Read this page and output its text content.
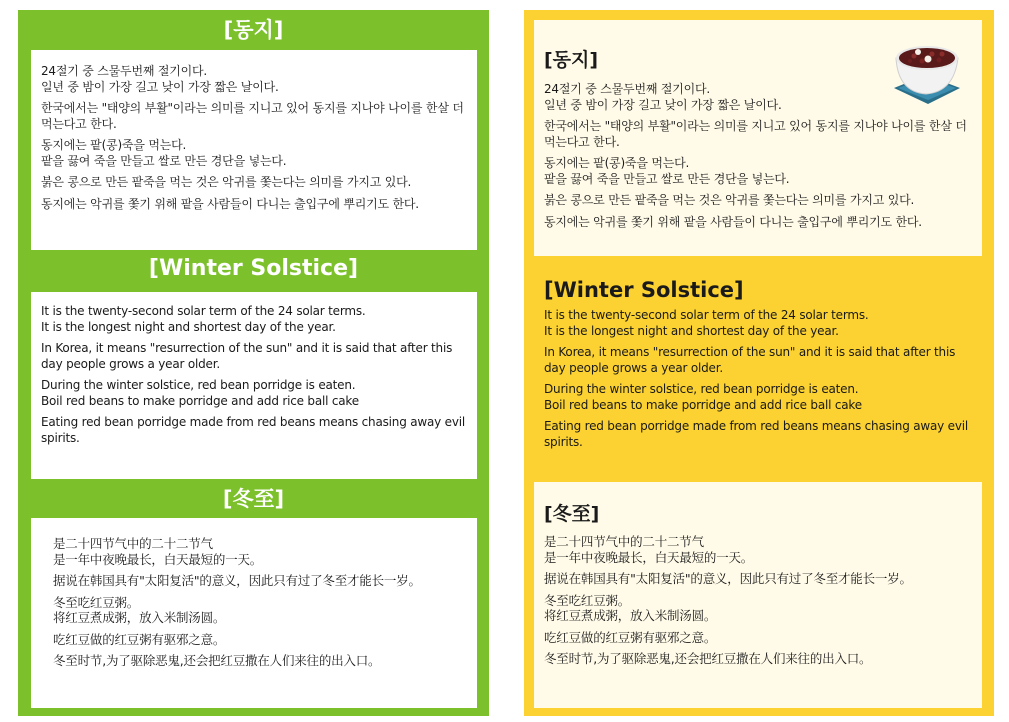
[동지]
24절기 중 스물두번째 절기이다.
일년 중 밤이 가장 길고 낮이 가장 짧은 날이다.
한국에서는 "태양의 부활"이라는 의미를 지니고 있어 동지를 지나야 나이를 한살 더 먹는다고 한다.
동지에는 팥(콩)죽을 먹는다.
팥을 끓여 죽을 만들고 쌀로 만든 경단을 넣는다.
붉은 콩으로 만든 팥죽을 먹는 것은 악귀를 쫓는다는 의미를 가지고 있다.
동지에는 악귀를 쫓기 위해 팥을 사람들이 다니는 출입구에 뿌리기도 한다.
[Winter Solstice]
It is the twenty-second solar term of the 24 solar terms.
It is the longest night and shortest day of the year.
In Korea, it means "resurrection of the sun" and it is said that after this day people grows a year older.
During the winter solstice, red bean porridge is eaten.
Boil red beans to make porridge and add rice ball cake
Eating red bean porridge made from red beans means chasing away evil spirits.
[冬至]
是二十四节气中的二十二节气
是一年中夜晚最长，白天最短的一天。
据说在韩国具有"太阳复活"的意义，因此只有过了冬至才能长一岁。
冬至吃红豆粥。
将红豆煮成粥，放入米制汤圆。
吃红豆做的红豆粥有驱邪之意。
冬至时节,为了驱除恶鬼,还会把红豆撒在人们来往的出入口。
[동지]
24절기 중 스물두번째 절기이다.
일년 중 밤이 가장 길고 낮이 가장 짧은 날이다.
한국에서는 "태양의 부활"이라는 의미를 지니고 있어 동지를 지나야 나이를 한살 더 먹는다고 한다.
동지에는 팥(콩)죽을 먹는다.
팥을 끓여 죽을 만들고 쌀로 만든 경단을 넣는다.
붉은 콩으로 만든 팥죽을 먹는 것은 악귀를 쫓는다는 의미를 가지고 있다.
동지에는 악귀를 쫓기 위해 팥을 사람들이 다니는 출입구에 뿌리기도 한다.
[Winter Solstice]
It is the twenty-second solar term of the 24 solar terms.
It is the longest night and shortest day of the year.
In Korea, it means "resurrection of the sun" and it is said that after this day people grows a year older.
During the winter solstice, red bean porridge is eaten.
Boil red beans to make porridge and add rice ball cake
Eating red bean porridge made from red beans means chasing away evil spirits.
[冬至]
是二十四节气中的二十二节气
是一年中夜晚最长，白天最短的一天。
据说在韩国具有"太阳复活"的意义，因此只有过了冬至才能长一岁。
冬至吃红豆粥。
将红豆煮成粥，放入米制汤圆。
吃红豆做的红豆粥有驱邪之意。
冬至时节,为了驱除恶鬼,还会把红豆撒在人们来往的出入口。
